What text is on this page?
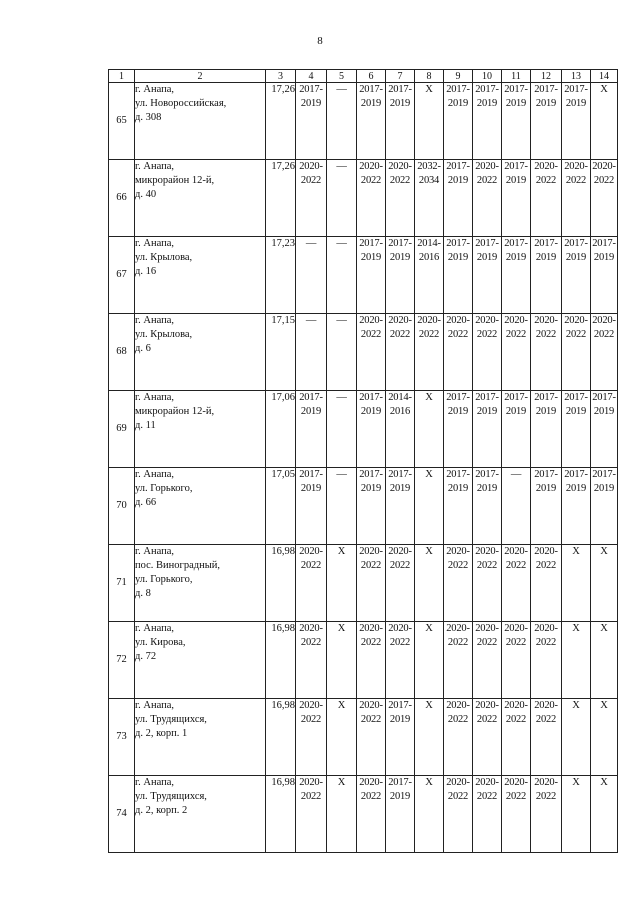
8
1	2	3	4	5	6	7	8	9	10	11	12	13	14
65	г. Анапа,
ул. Новороссийская,
д. 308	17,26	2017-
2019	—	2017-
2019	2017-
2019	X	2017-
2019	2017-
2019	2017-
2019	2017-
2019	2017-
2019	X
66	г. Анапа,
микрорайон 12-й,
д. 40	17,26	2020-
2022	—	2020-
2022	2020-
2022	2032-
2034	2017-
2019	2020-
2022	2017-
2019	2020-
2022	2020-
2022	2020-
2022
67	г. Анапа,
ул. Крылова,
д. 16	17,23	—	—	2017-
2019	2017-
2019	2014-
2016	2017-
2019	2017-
2019	2017-
2019	2017-
2019	2017-
2019	2017-
2019
68	г. Анапа,
ул. Крылова,
д. 6	17,15	—	—	2020-
2022	2020-
2022	2020-
2022	2020-
2022	2020-
2022	2020-
2022	2020-
2022	2020-
2022	2020-
2022
69	г. Анапа,
микрорайон 12-й,
д. 11	17,06	2017-
2019	—	2017-
2019	2014-
2016	X	2017-
2019	2017-
2019	2017-
2019	2017-
2019	2017-
2019	2017-
2019
70	г. Анапа,
ул. Горького,
д. 66	17,05	2017-
2019	—	2017-
2019	2017-
2019	X	2017-
2019	2017-
2019	—	2017-
2019	2017-
2019	2017-
2019
71	г. Анапа,
пос. Виноградный,
ул. Горького,
д. 8	16,98	2020-
2022	X	2020-
2022	2020-
2022	X	2020-
2022	2020-
2022	2020-
2022	2020-
2022	X	X
72	г. Анапа,
ул. Кирова,
д. 72	16,98	2020-
2022	X	2020-
2022	2020-
2022	X	2020-
2022	2020-
2022	2020-
2022	2020-
2022	X	X
73	г. Анапа,
ул. Трудящихся,
д. 2, корп. 1	16,98	2020-
2022	X	2020-
2022	2017-
2019	X	2020-
2022	2020-
2022	2020-
2022	2020-
2022	X	X
74	г. Анапа,
ул. Трудящихся,
д. 2, корп. 2	16,98	2020-
2022	X	2020-
2022	2017-
2019	X	2020-
2022	2020-
2022	2020-
2022	2020-
2022	X	X
